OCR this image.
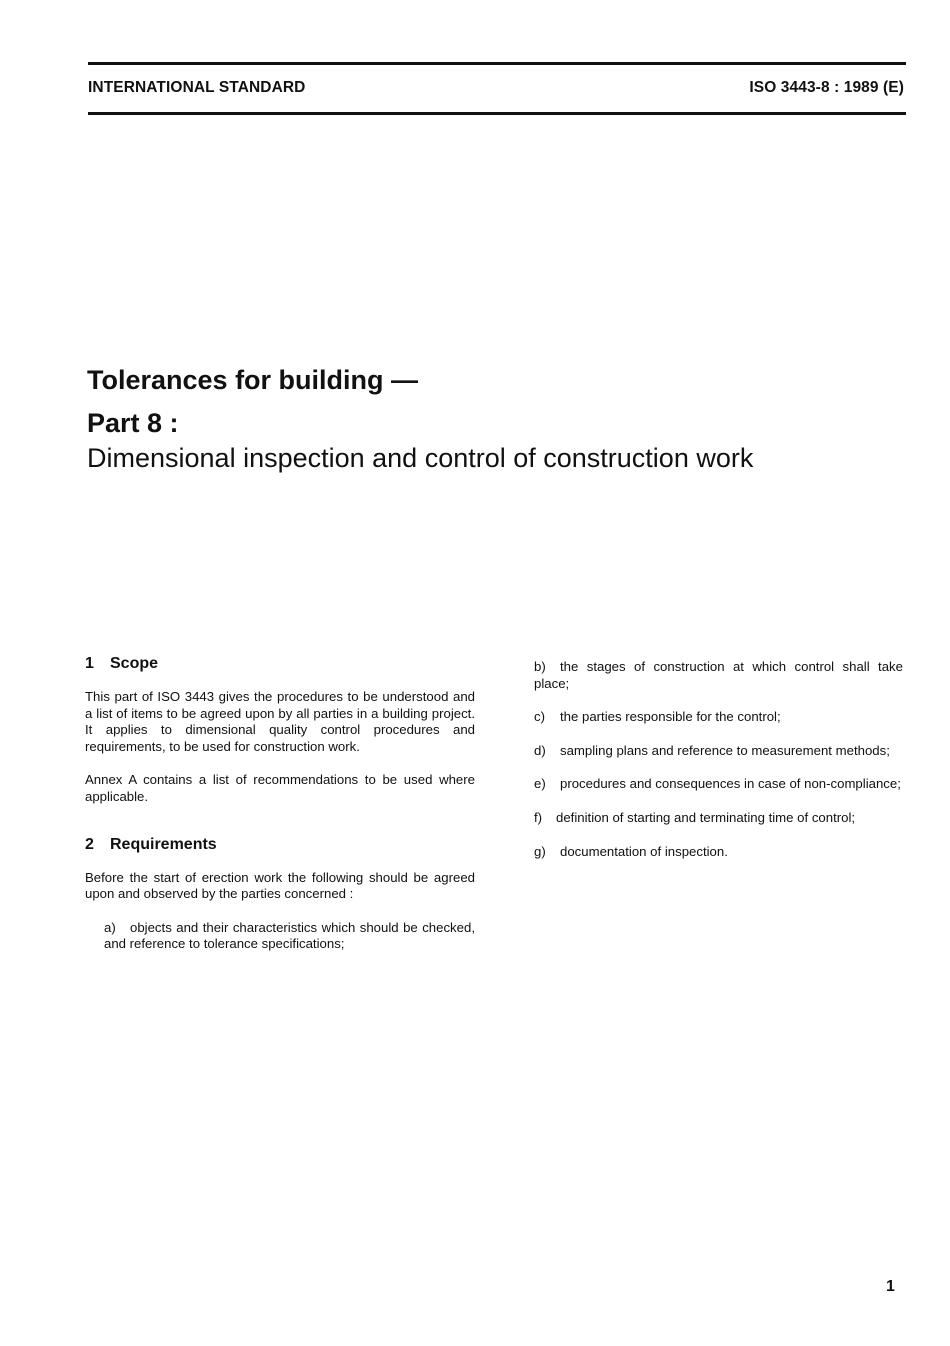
INTERNATIONAL STANDARD	ISO 3443-8 : 1989 (E)
Tolerances for building —
Part 8 :
Dimensional inspection and control of construction work
1 Scope

This part of ISO 3443 gives the procedures to be understood and a list of items to be agreed upon by all parties in a building project. It applies to dimensional quality control procedures and requirements, to be used for construction work.

Annex A contains a list of recommendations to be used where applicable.

2 Requirements

Before the start of erection work the following should be agreed upon and observed by the parties concerned :

a) objects and their characteristics which should be checked, and reference to tolerance specifications;

b) the stages of construction at which control shall take place;

c) the parties responsible for the control;

d) sampling plans and reference to measurement methods;

e) procedures and consequences in case of non-compliance;

f) definition of starting and terminating time of control;

g) documentation of inspection.

1
